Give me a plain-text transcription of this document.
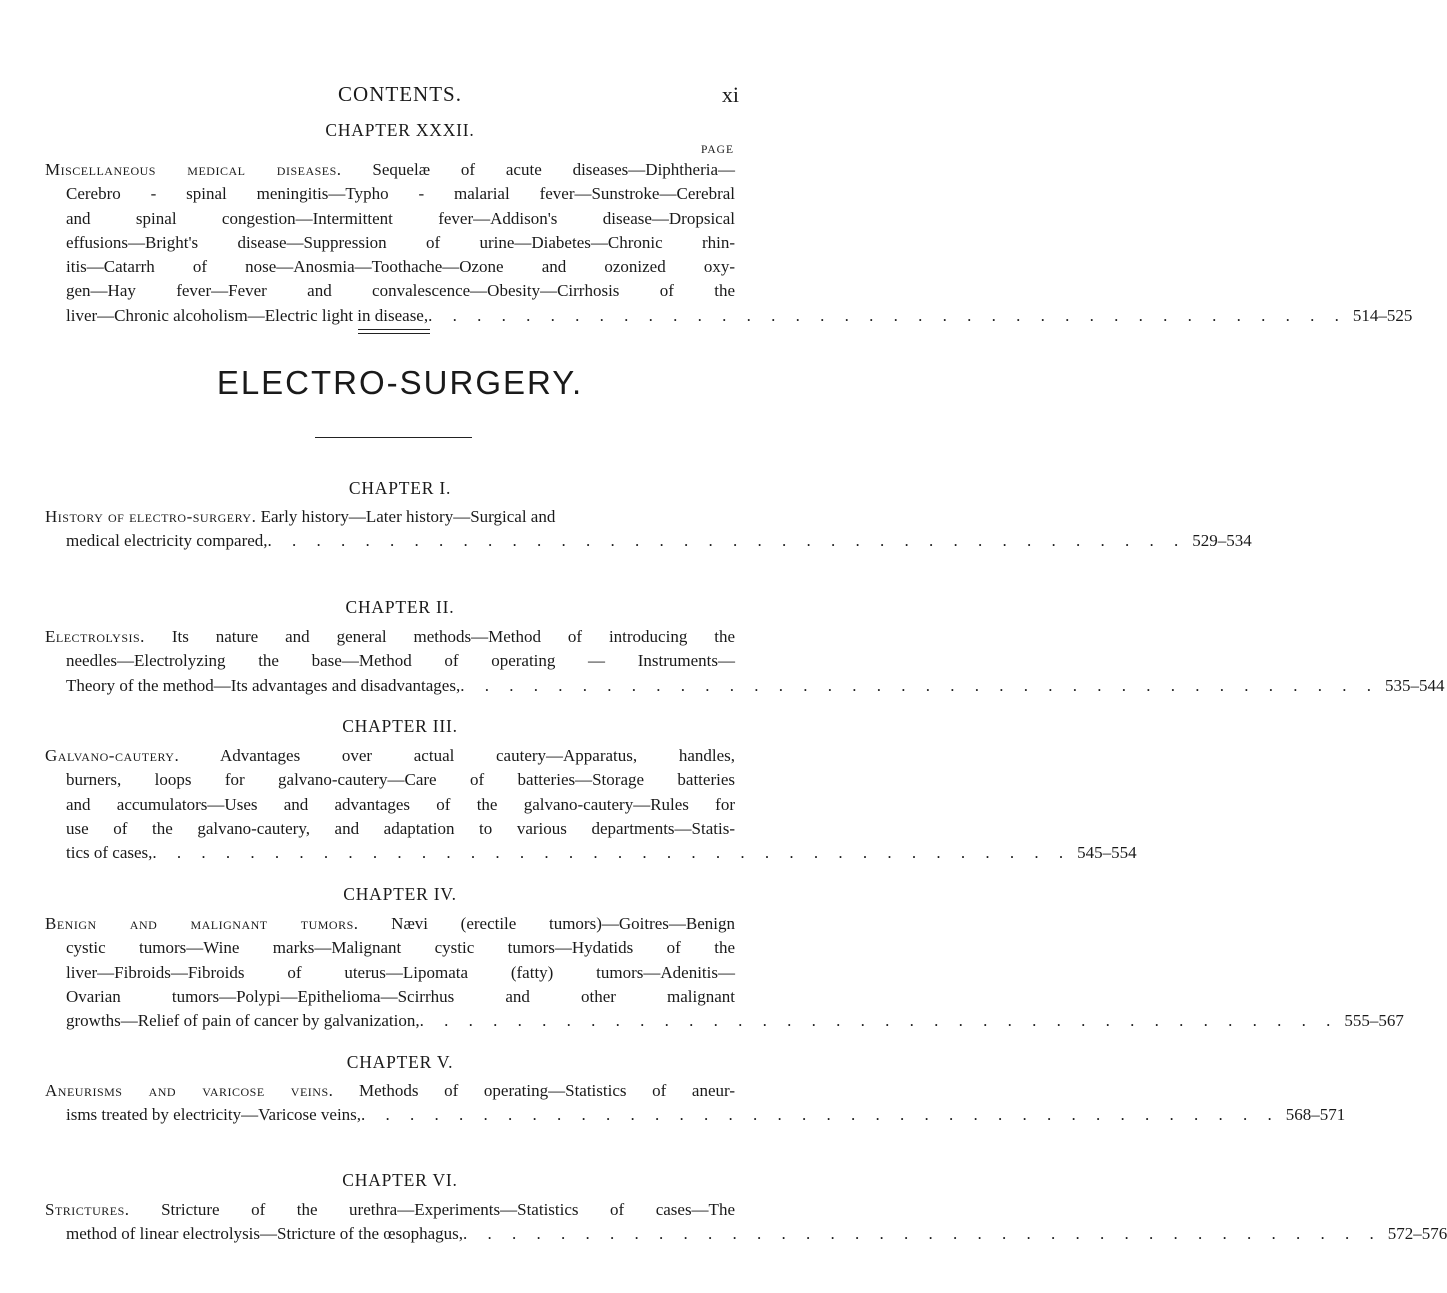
CONTENTS.	xi
CHAPTER XXXII.
PAGE
Miscellaneous medical diseases. Sequelæ of acute diseases—Diphtheria—
Cerebro - spinal meningitis—Typho - malarial fever—Sunstroke—Cerebral
and spinal congestion—Intermittent fever—Addison's disease—Dropsical
effusions—Bright's disease—Suppression of urine—Diabetes—Chronic rhin-
itis—Catarrh of nose—Anosmia—Toothache—Ozone and ozonized oxy-
gen—Hay fever—Fever and convalescence—Obesity—Cirrhosis of the
liver—Chronic alcoholism—Electric light in disease, . . . . . . . . . . . . . . . . . . . . . . . . . . . . . . . . . . . . . . 514–525
ELECTRO-SURGERY.
CHAPTER I.
History of electro-surgery. Early history—Later history—Surgical and
medical electricity compared, . . . . . . . . . . . . . . . . . . . . . . . . . . . . . . . . . . . . . . 529–534
CHAPTER II.
Electrolysis. Its nature and general methods—Method of introducing the
needles—Electrolyzing the base—Method of operating — Instruments—
Theory of the method—Its advantages and disadvantages, . . . . . . . . . . . . . . . . . . . . . . . . . . . . . . . . . . . . . . 535–544
CHAPTER III.
Galvano-cautery. Advantages over actual cautery—Apparatus, handles,
burners, loops for galvano-cautery—Care of batteries—Storage batteries
and accumulators—Uses and advantages of the galvano-cautery—Rules for
use of the galvano-cautery, and adaptation to various departments—Statis-
tics of cases, . . . . . . . . . . . . . . . . . . . . . . . . . . . . . . . . . . . . . . 545–554
CHAPTER IV.
Benign and malignant tumors. Nævi (erectile tumors)—Goitres—Benign
cystic tumors—Wine marks—Malignant cystic tumors—Hydatids of the
liver—Fibroids—Fibroids of uterus—Lipomata (fatty) tumors—Adenitis—
Ovarian tumors—Polypi—Epithelioma—Scirrhus and other malignant
growths—Relief of pain of cancer by galvanization, . . . . . . . . . . . . . . . . . . . . . . . . . . . . . . . . . . . . . . 555–567
CHAPTER V.
Aneurisms and varicose veins. Methods of operating—Statistics of aneur-
isms treated by electricity—Varicose veins, . . . . . . . . . . . . . . . . . . . . . . . . . . . . . . . . . . . . . . 568–571
CHAPTER VI.
Strictures. Stricture of the urethra—Experiments—Statistics of cases—The
method of linear electrolysis—Stricture of the œsophagus, . . . . . . . . . . . . . . . . . . . . . . . . . . . . . . . . . . . . . . 572–576
